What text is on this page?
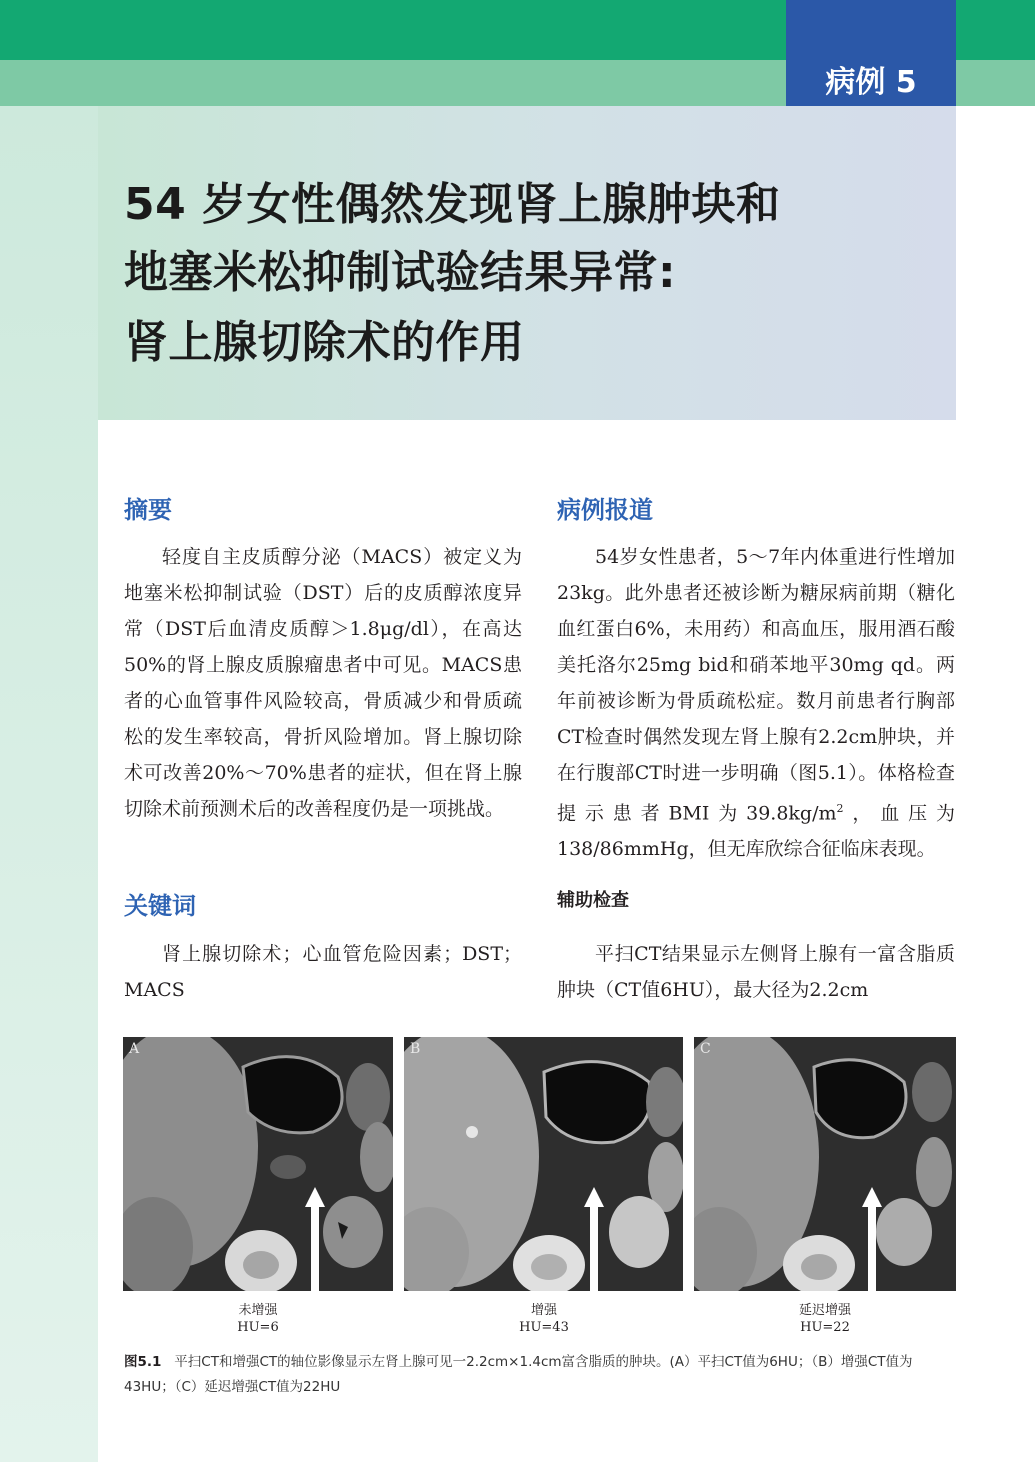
病例 5
54 岁女性偶然发现肾上腺肿块和
地塞米松抑制试验结果异常:
肾上腺切除术的作用
摘要

轻度自主皮质醇分泌（MACS）被定义为地塞米松抑制试验（DST）后的皮质醇浓度异常（DST后血清皮质醇＞1.8μg/dl），在高达50%的肾上腺皮质腺瘤患者中可见。MACS患者的心血管事件风险较高，骨质减少和骨质疏松的发生率较高，骨折风险增加。肾上腺切除术可改善20%～70%患者的症状，但在肾上腺切除术前预测术后的改善程度仍是一项挑战。

关键词

肾上腺切除术；心血管危险因素；DST；MACS

病例报道

54岁女性患者，5～7年内体重进行性增加23kg。此外患者还被诊断为糖尿病前期（糖化血红蛋白6%，未用药）和高血压，服用酒石酸美托洛尔25mg bid和硝苯地平30mg qd。两年前被诊断为骨质疏松症。数月前患者行胸部CT检查时偶然发现左肾上腺有2.2cm肿块，并在行腹部CT时进一步明确（图5.1）。体格检查提示患者BMI为$39.8kg/m^2$，血压为138/86mmHg，但无库欣综合征临床表现。

辅助检查

平扫CT结果显示左侧肾上腺有一富含脂质肿块（CT值6HU），最大径为2.2cm

A	B	C
未增强
HU=6
增强
HU=43
延迟增强
HU=22
图5.1 平扫CT和增强CT的轴位影像显示左肾上腺可见一2.2cm×1.4cm富含脂质的肿块。(A）平扫CT值为6HU；（B）增强CT值为43HU；（C）延迟增强CT值为22HU
